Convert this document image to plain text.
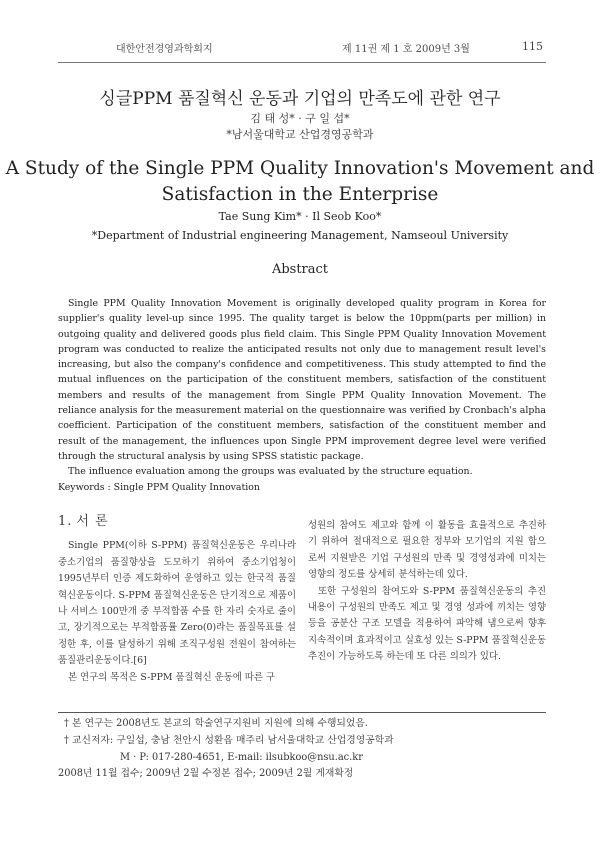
대한안전경영과학회지	제 11권 제 1 호 2009년 3월	115
싱글PPM 품질혁신 운동과 기업의 만족도에 관한 연구
김 태 성* · 구 일 섭*
*남서울대학교 산업경영공학과
A Study of the Single PPM Quality Innovation's Movement and Satisfaction in the Enterprise
Tae Sung Kim* · Il Seob Koo*
*Department of Industrial engineering Management, Namseoul University
Abstract

Single PPM Quality Innovation Movement is originally developed quality program in Korea for supplier's quality level-up since 1995. The quality target is below the 10ppm(parts per million) in outgoing quality and delivered goods plus field claim. This Single PPM Quality Innovation Movement program was conducted to realize the anticipated results not only due to management result level's increasing, but also the company's confidence and competitiveness. This study attempted to find the mutual influences on the participation of the constituent members, satisfaction of the constituent members and results of the management from Single PPM Quality Innovation Movement. The reliance analysis for the measurement material on the questionnaire was verified by Cronbach's alpha coefficient. Participation of the constituent members, satisfaction of the constituent member and result of the management, the influences upon Single PPM improvement degree level were verified through the structural analysis by using SPSS statistic package.

The influence evaluation among the groups was evaluated by the structure equation.

Keywords : Single PPM Quality Innovation

1. 서 론

Single PPM(이하 S-PPM) 품질혁신운동은 우리나라 중소기업의 품질향상을 도모하기 위하여 중소기업청이 1995년부터 인증 제도화하여 운영하고 있는 한국적 품질혁신운동이다. S-PPM 품질혁신운동은 단기적으로 제품이나 서비스 100만개 중 부적합품 수를 한 자리 숫자로 줄이고, 장기적으로는 부적합품률 Zero(0)라는 품질목표를 설정한 후, 이를 달성하기 위해 조직구성원 전원이 참여하는 품질관리운동이다.[6]

본 연구의 목적은 S-PPM 품질혁신 운동에 따른 구

성원의 참여도 제고와 함께 이 활동을 효율적으로 추진하기 위하여 절대적으로 필요한 정부와 모기업의 지원 합으로써 지원받은 기업 구성원의 만족 및 경영성과에 미치는 영향의 정도를 상세히 분석하는데 있다.

또한 구성원의 참여도와 S-PPM 품질혁신운동의 추진내용이 구성원의 만족도 제고 및 경영 성과에 끼치는 영향 등을 공분산 구조 모델을 적용하여 파악해 냄으로써 향후 지속적이며 효과적이고 실효성 있는 S-PPM 품질혁신운동 추진이 가능하도록 하는데 또 다른 의의가 있다.

† 본 연구는 2008년도 본교의 학술연구지원비 지원에 의해 수행되었음.

† 교신저자: 구일섭, 충남 천안시 성환읍 매주리 남서울대학교 산업경영공학과

M · P: 017-280-4651, E-mail: ilsubkoo@nsu.ac.kr

2008년 11월 접수; 2009년 2월 수정본 접수; 2009년 2월 게재확정
